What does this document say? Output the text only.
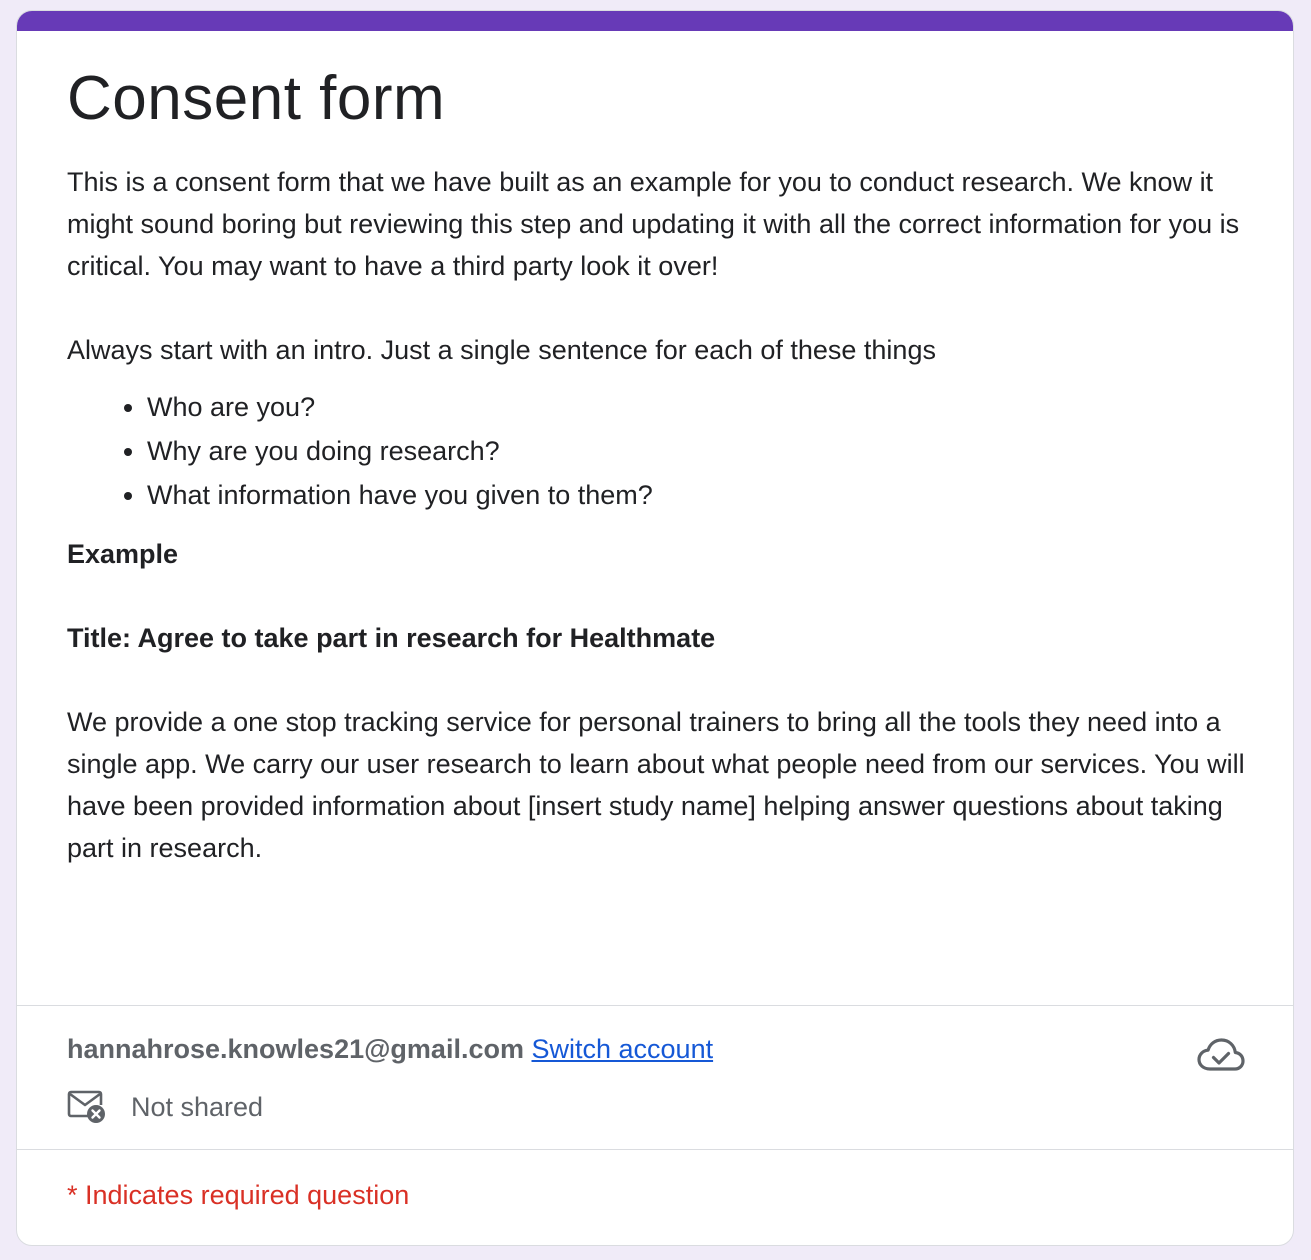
Consent form

This is a consent form that we have built as an example for you to conduct research. We know it might sound boring but reviewing this step and updating it with all the correct information for you is critical. You may want to have a third party look it over!

Always start with an intro. Just a single sentence for each of these things

• Who are you?
• Why are you doing research?
• What information have you given to them?

Example

Title: Agree to take part in research for Healthmate

We provide a one stop tracking service for personal trainers to bring all the tools they need into a single app. We carry our user research to learn about what people need from our services. You will have been provided information about [insert study name] helping answer questions about taking part in research.

hannahrose.knowles21@gmail.com Switch account
Not shared
* Indicates required question
